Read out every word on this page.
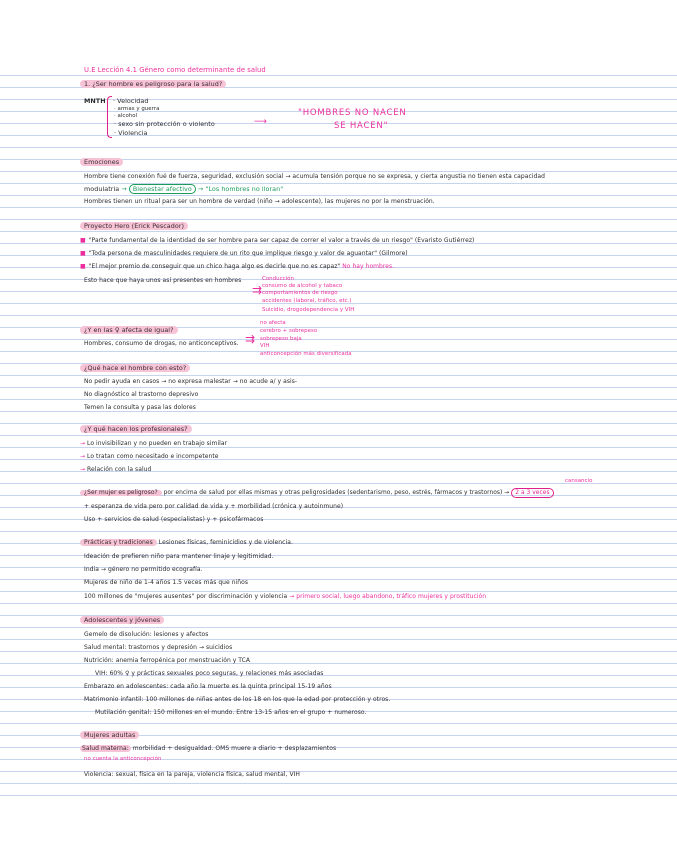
U.E Lección 4.1 Género como determinante de salud
1. ¿Ser hombre es peligroso para la salud?
MNTH · Velocidad
· armas y guerra
· alcohol
· sexo sin protección o violento
· Violencia
⟶
"HOMBRES NO NACEN
SE HACEN"
Emociones
Hombre tiene conexión fué de fuerza, seguridad, exclusión social → acumula tensión porque no se expresa, y cierta angustia no tienen esta capacidad
modulatria → Bienestar afectivo → "Los hombres no lloran"
Hombres tienen un ritual para ser un hombre de verdad (niño → adolescente), las mujeres no por la menstruación.
Proyecto Hero (Erick Pescador)
■ "Parte fundamental de la identidad de ser hombre para ser capaz de correr el valor a través de un riesgo" (Evaristo Gutiérrez)
■ "Toda persona de masculinidades requiere de un rito que implique riesgo y valor de aguantar" (Gilmore)
■ "El mejor premio de conseguir que un chico haga algo es decirle que no es capaz" No hay hombres.
Esto hace que haya unos así presentes en hombres
⇉
Conducción
consumo de alcohol y tabaco
comportamientos de riesgo
accidentes (laboral, tráfico, etc.)
Suicidio, drogodependencia y VIH
¿Y en las ♀ afecta de igual?
Hombres, consumo de drogas, no anticonceptivos. ⇉
no afecta
cerebro + sobrepeso
sobrepeso baja
VIH
anticoncepción más diversificada
¿Qué hace el hombre con esto?
No pedir ayuda en casos → no expresa malestar → no acude a/ y asis-
No diagnóstico al trastorno depresivo
Temen la consulta y pasa las dolores
¿Y qué hacen los profesionales?
→ Lo invisibilizan y no pueden en trabajo similar
→ Lo tratan como necesitado e incompetente
→ Relación con la salud
cansancio
¿Ser mujer es peligroso? por encima de salud por ellas mismas y otras peligrosidades (sedentarismo, peso, estrés, fármacos y trastornos) → 2 a 3 veces
+ esperanza de vida pero por calidad de vida y + morbilidad (crónica y autoinmune)
Uso + servicios de salud (especialistas) y + psicofármacos
Prácticas y tradiciones Lesiones físicas, feminicidios y de violencia.
Ideación de prefieren niño para mantener linaje y legitimidad.
India → género no permitido ecografía.
Mujeres de niño de 1-4 años 1.5 veces más que niños
100 millones de "mujeres ausentes" por discriminación y violencia → primero social, luego abandono, tráfico mujeres y prostitución
Adolescentes y jóvenes
Gemelo de disolución: lesiones y afectos
Salud mental: trastornos y depresión → suicidios
Nutrición: anemia ferropénica por menstruación y TCA
VIH: 60% ♀ y prácticas sexuales poco seguras, y relaciones más asociadas
Embarazo en adolescentes: cada año la muerte es la quinta principal 15-19 años
Matrimonio infantil: 100 millones de niñas antes de los 18 en los que la edad por protección y otros.
Mutilación genital: 150 millones en el mundo. Entre 13-15 años en el grupo + numeroso.
Mujeres adultas
Salud materna: morbilidad + desigualdad. OMS muere a diario + desplazamientos
no cuenta la anticoncepción
Violencia: sexual, física en la pareja, violencia física, salud mental, VIH
